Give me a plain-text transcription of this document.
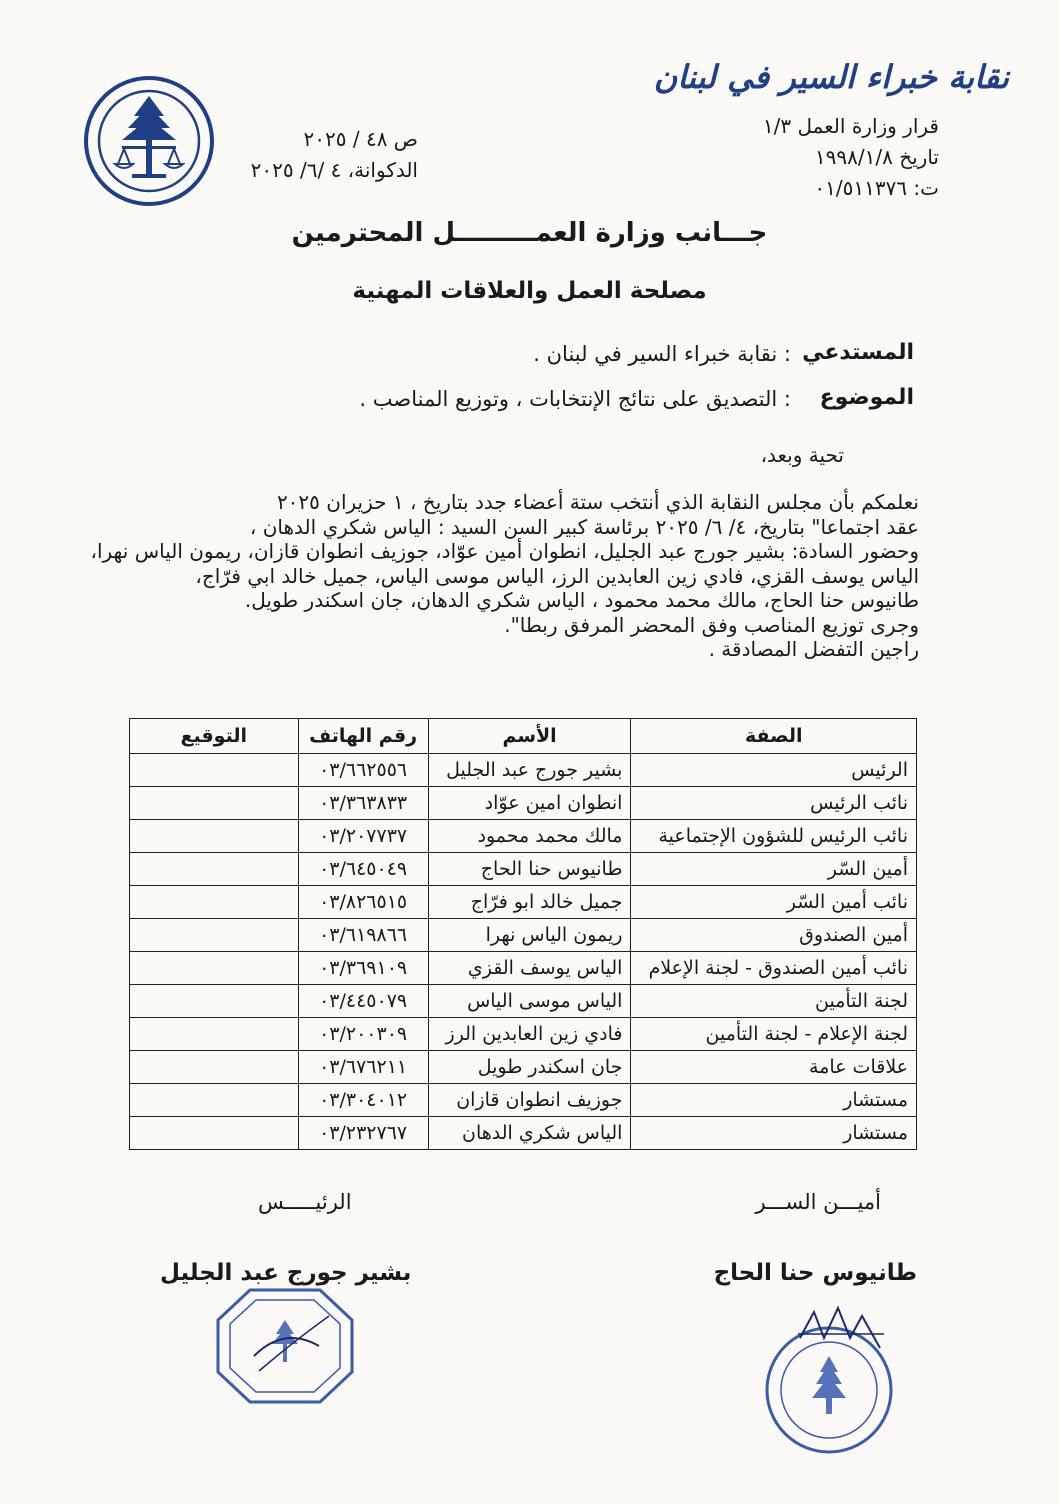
نقابة خبراء السير في لبنان
قرار وزارة العمل ١/٣
تاريخ ١٩٩٨/١/٨
ت: ٠١/٥١١٣٧٦
ص ٤٨ / ٢٠٢٥
الدكوانة، ٤ /٦/ ٢٠٢٥
جـــانب وزارة العمـــــــــل المحترمين
مصلحة العمل والعلاقات المهنية
المستدعي
: نقابة خبراء السير في لبنان .
الموضوع
: التصديق على نتائج الإنتخابات ، وتوزيع المناصب .
تحية وبعد،
نعلمكم بأن مجلس النقابة الذي أنتخب ستة أعضاء جدد بتاريخ ، ١ حزيران ٢٠٢٥
عقد اجتماعا" بتاريخ، ٤/ ٦/ ٢٠٢٥ برئاسة كبير السن السيد : الياس شكري الدهان ،
وحضور السادة: بشير جورج عبد الجليل، انطوان أمين عوّاد، جوزيف انطوان قازان، ريمون الياس نهرا،
الياس يوسف القزي، فادي زين العابدين الرز، الياس موسى الياس، جميل خالد ابي فرّاج،
طانيوس حنا الحاج، مالك محمد محمود ، الياس شكري الدهان، جان اسكندر طويل.
وجرى توزيع المناصب وفق المحضر المرفق ربطا".
راجين التفضل المصادقة .
الصفة	الأسم	رقم الهاتف	التوقيع
الرئيس	بشير جورج عبد الجليل	٠٣/٦٦٢٥٥٦	
نائب الرئيس	انطوان امين عوّاد	٠٣/٣٦٣٨٣٣	
نائب الرئيس للشؤون الإجتماعية	مالك محمد محمود	٠٣/٢٠٧٧٣٧	
أمين السّر	طانيوس حنا الحاج	٠٣/٦٤٥٠٤٩	
نائب أمين السّر	جميل خالد ابو فرّاج	٠٣/٨٢٦٥١٥	
أمين الصندوق	ريمون الياس نهرا	٠٣/٦١٩٨٦٦	
نائب أمين الصندوق - لجنة الإعلام	الياس يوسف القزي	٠٣/٣٦٩١٠٩	
لجنة التأمين	الياس موسى الياس	٠٣/٤٤٥٠٧٩	
لجنة الإعلام - لجنة التأمين	فادي زين العابدين الرز	٠٣/٢٠٠٣٠٩	
علاقات عامة	جان اسكندر طويل	٠٣/٦٧٦٢١١	
مستشار	جوزيف انطوان قازان	٠٣/٣٠٤٠١٢	
مستشار	الياس شكري الدهان	٠٣/٢٣٢٧٦٧	
أميـــن الســـر
الرئيـــــس
طانيوس حنا الحاج
بشير جورج عبد الجليل
